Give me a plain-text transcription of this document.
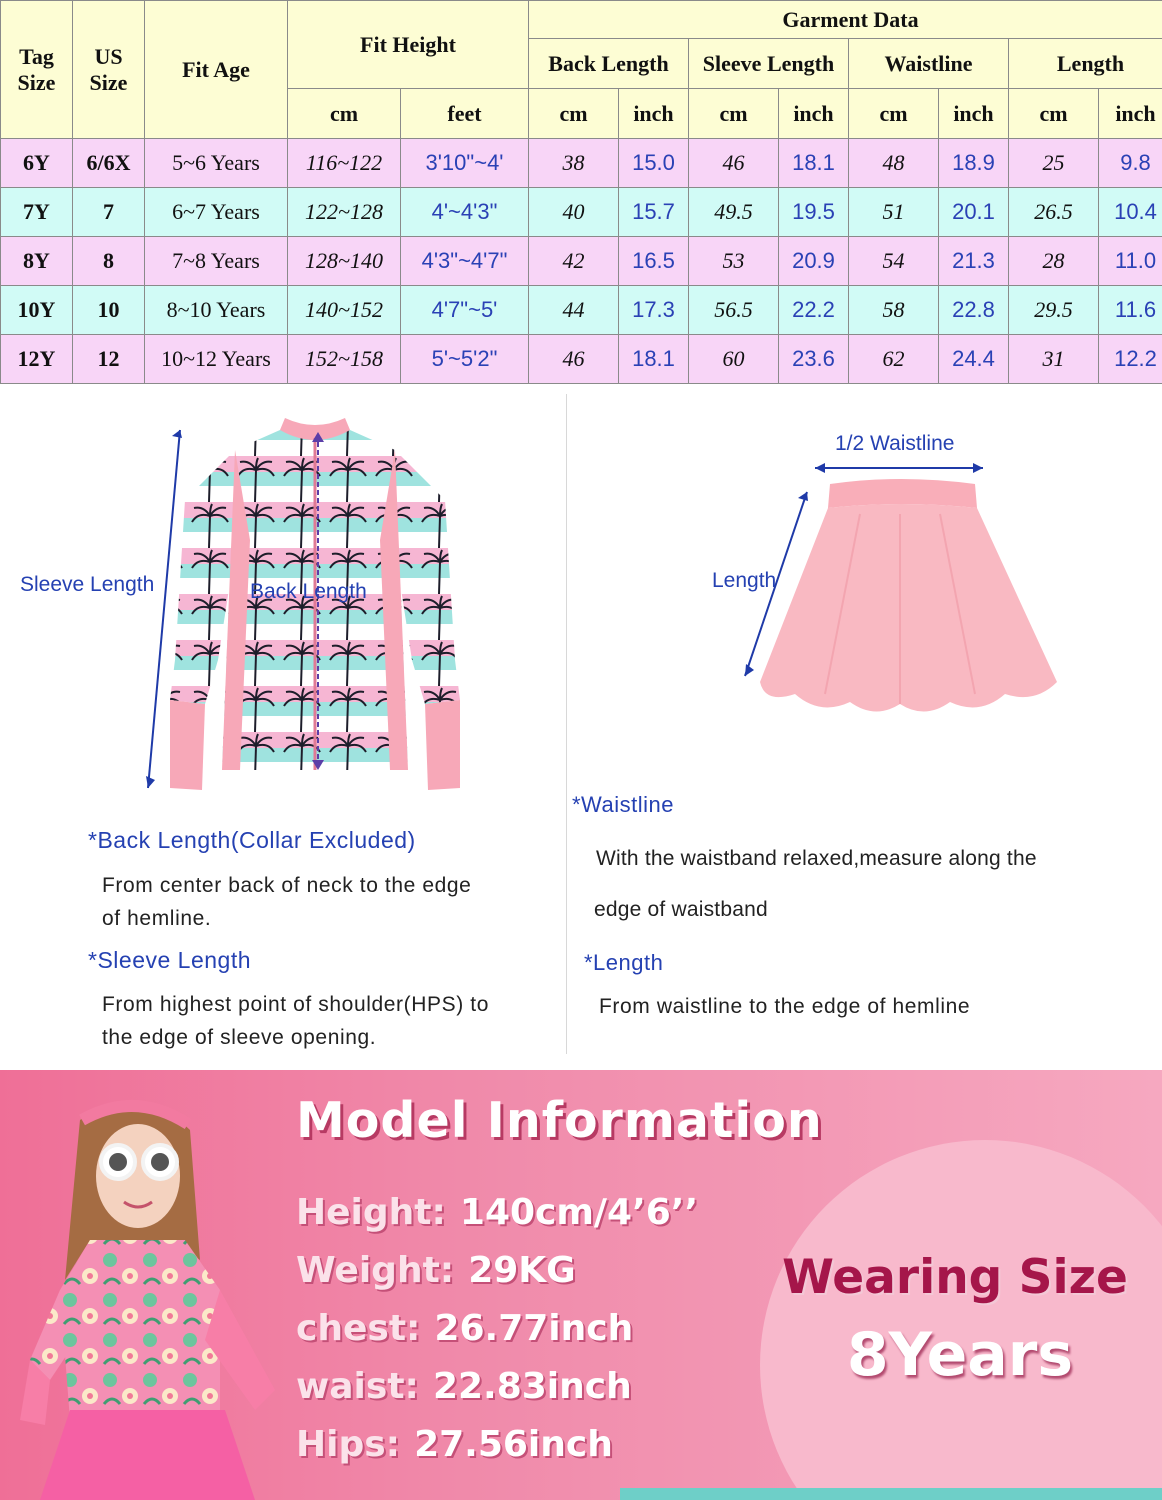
Tag Size	US Size	Fit Age	Fit Height		Garment Data							
					Back Length		Sleeve Length		Waistline		Length	
			cm	feet	cm	inch	cm	inch	cm	inch	cm	inch
6Y	6/6X	5~6 Years	116~122	3'10"~4'	38	15.0	46	18.1	48	18.9	25	9.8
7Y	7	6~7 Years	122~128	4'~4'3"	40	15.7	49.5	19.5	51	20.1	26.5	10.4
8Y	8	7~8 Years	128~140	4'3"~4'7"	42	16.5	53	20.9	54	21.3	28	11.0
10Y	10	8~10 Years	140~152	4'7"~5'	44	17.3	56.5	22.2	58	22.8	29.5	11.6
12Y	12	10~12 Years	152~158	5'~5'2"	46	18.1	60	23.6	62	24.4	31	12.2
Sleeve Length	Back Length
1/2 Waistline
Length
*Back Length(Collar Excluded)
From center back of neck to the edge
of hemline.
*Sleeve Length
From highest point of shoulder(HPS) to
the edge of sleeve opening.
*Waistline
With the waistband relaxed,measure along the
edge of waistband
*Length
From waistline to the edge of hemline
Model Information
Height: 140cm/4’6’’
Weight: 29KG
chest: 26.77inch
waist: 22.83inch
Hips: 27.56inch
Wearing Size
8Years
